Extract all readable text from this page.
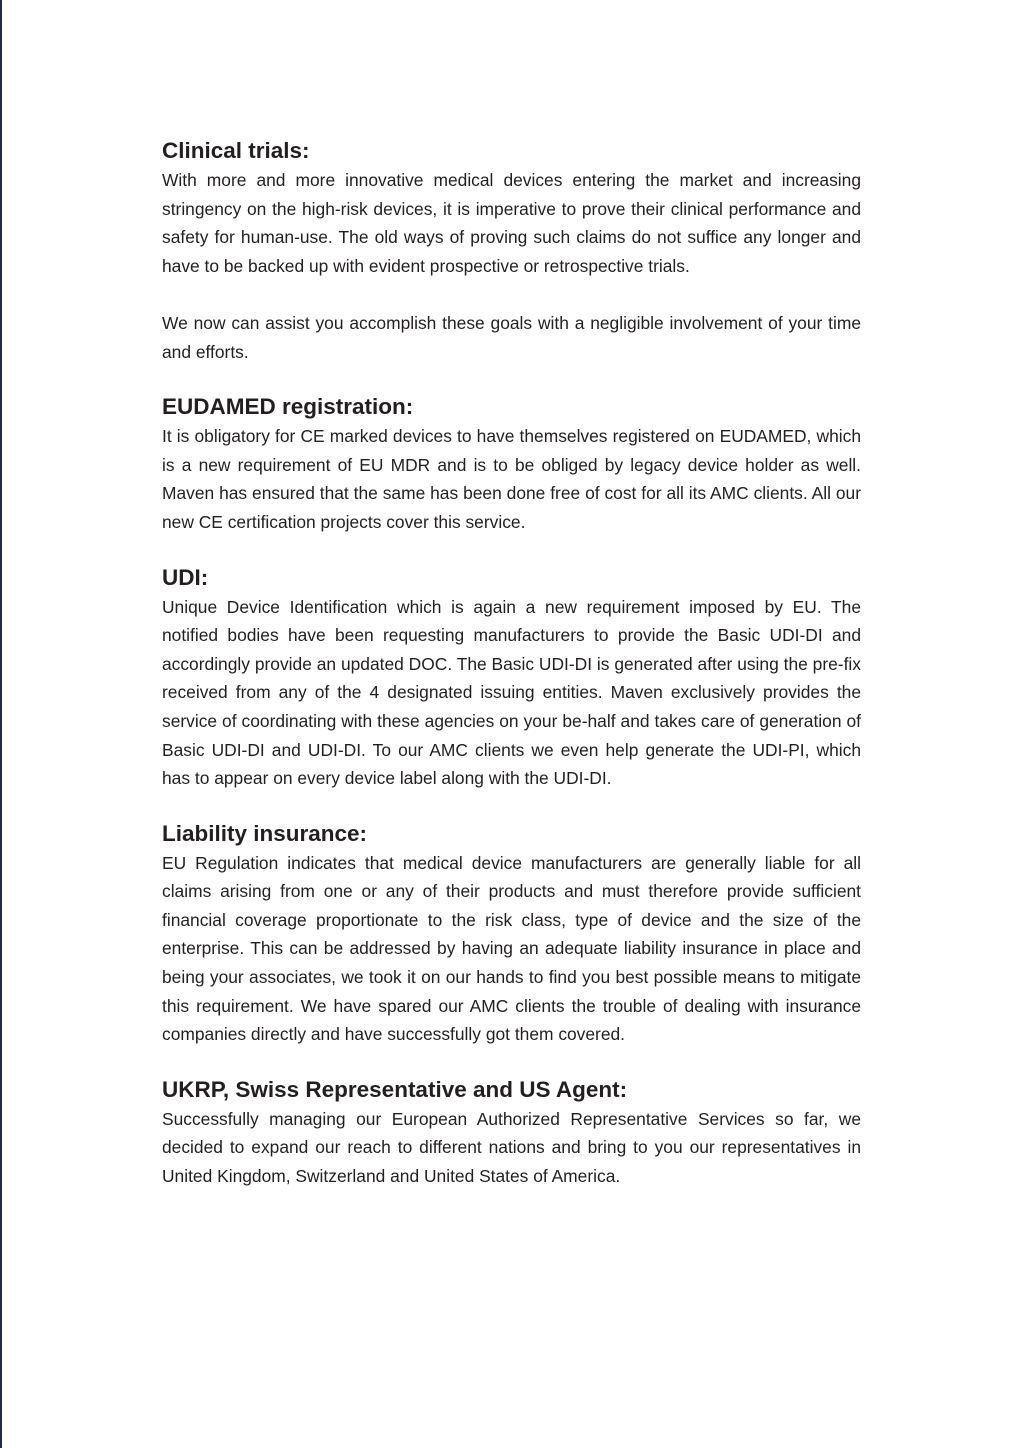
Clinical trials:

With more and more innovative medical devices entering the market and increasing stringency on the high-risk devices, it is imperative to prove their clinical performance and safety for human-use. The old ways of proving such claims do not suffice any longer and have to be backed up with evident prospective or retrospective trials.

We now can assist you accomplish these goals with a negligible involvement of your time and efforts.

EUDAMED registration:

It is obligatory for CE marked devices to have themselves registered on EUDAMED, which is a new requirement of EU MDR and is to be obliged by legacy device holder as well. Maven has ensured that the same has been done free of cost for all its AMC clients. All our new CE certification projects cover this service.

UDI:

Unique Device Identification which is again a new requirement imposed by EU. The notified bodies have been requesting manufacturers to provide the Basic UDI-DI and accordingly provide an updated DOC. The Basic UDI-DI is generated after using the pre-fix received from any of the 4 designated issuing entities. Maven exclusively provides the service of coordinating with these agencies on your be-half and takes care of generation of Basic UDI-DI and UDI-DI. To our AMC clients we even help generate the UDI-PI, which has to appear on every device label along with the UDI-DI.

Liability insurance:

EU Regulation indicates that medical device manufacturers are generally liable for all claims arising from one or any of their products and must therefore provide sufficient financial coverage proportionate to the risk class, type of device and the size of the enterprise. This can be addressed by having an adequate liability insurance in place and being your associates, we took it on our hands to find you best possible means to mitigate this requirement. We have spared our AMC clients the trouble of dealing with insurance companies directly and have successfully got them covered.

UKRP, Swiss Representative and US Agent:

Successfully managing our European Authorized Representative Services so far, we decided to expand our reach to different nations and bring to you our representatives in United Kingdom, Switzerland and United States of America.
